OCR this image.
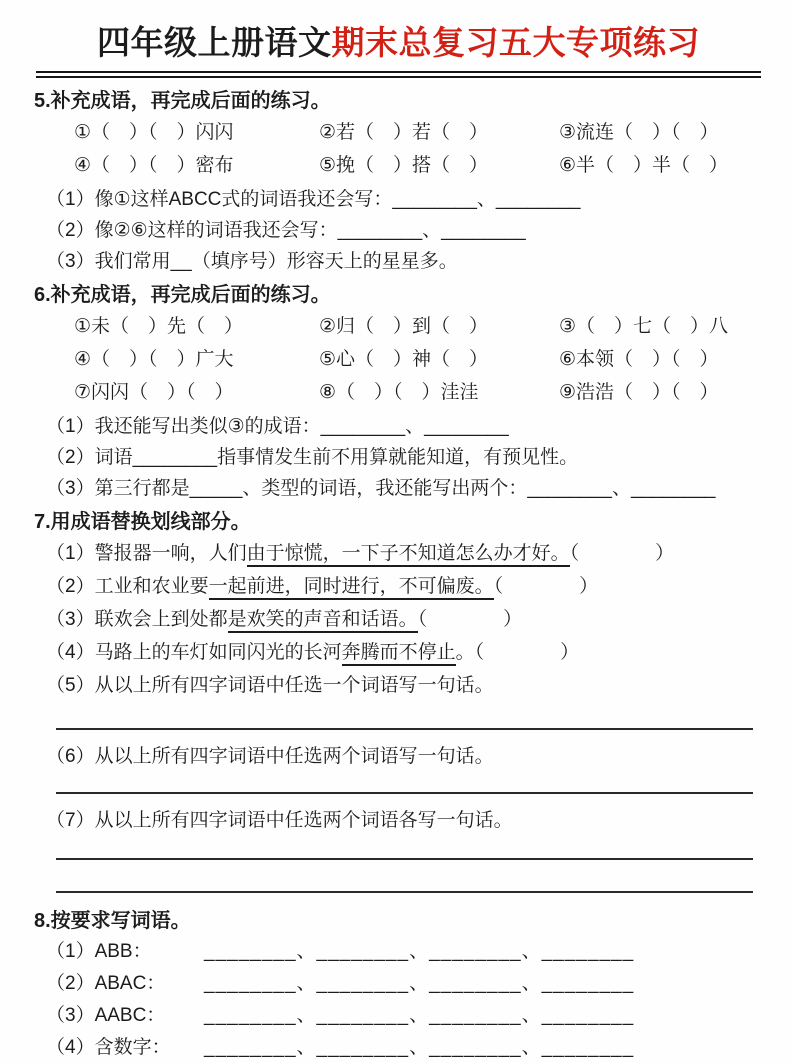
四年级上册语文期末总复习五大专项练习
5.补充成语，再完成后面的练习。
①（　）（　）闪闪	②若（　）若（　）	③流连（　）（　）
④（　）（　）密布	⑤挽（　）搭（　）	⑥半（　）半（　）
（1）像①这样ABCC式的词语我还会写：________、________
（2）像②⑥这样的词语我还会写：________、________
（3）我们常用__（填序号）形容天上的星星多。
6.补充成语，再完成后面的练习。
①未（　）先（　）	②归（　）到（　）	③（　）七（　）八
④（　）（　）广大	⑤心（　）神（　）	⑥本领（　）（　）
⑦闪闪（　）（　）	⑧（　）（　）洼洼	⑨浩浩（　）（　）
（1）我还能写出类似③的成语：________、________
（2）词语________指事情发生前不用算就能知道，有预见性。
（3）第三行都是_____、类型的词语，我还能写出两个：________、________
7.用成语替换划线部分。
（1）警报器一响，人们由于惊慌，一下子不知道怎么办才好。（　　　　）
（2）工业和农业要一起前进，同时进行，不可偏废。（　　　　）
（3）联欢会上到处都是欢笑的声音和话语。（　　　　）
（4）马路上的车灯如同闪光的长河奔腾而不停止。（　　　　）
（5）从以上所有四字词语中任选一个词语写一句话。
（6）从以上所有四字词语中任选两个词语写一句话。
（7）从以上所有四字词语中任选两个词语各写一句话。
8.按要求写词语。
（1）ABB：	________、________、________、________
（2）ABAC：	________、________、________、________
（3）AABC：	________、________、________、________
（4）含数字：	________、________、________、________
